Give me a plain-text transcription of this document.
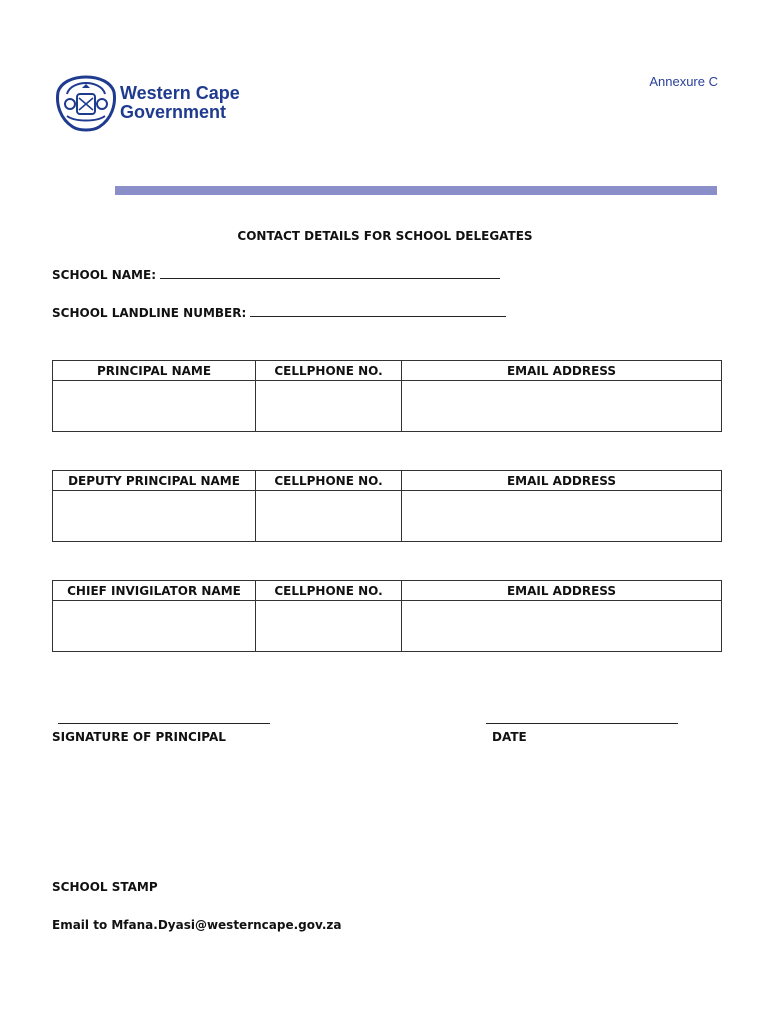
Western Cape
Government
Annexure C
CONTACT DETAILS FOR SCHOOL DELEGATES
SCHOOL NAME:
SCHOOL LANDLINE NUMBER:
PRINCIPAL NAME	CELLPHONE NO.	EMAIL ADDRESS

DEPUTY PRINCIPAL NAME	CELLPHONE NO.	EMAIL ADDRESS

CHIEF INVIGILATOR NAME	CELLPHONE NO.	EMAIL ADDRESS

SIGNATURE OF PRINCIPAL	DATE
SCHOOL STAMP
Email to Mfana.Dyasi@westerncape.gov.za
